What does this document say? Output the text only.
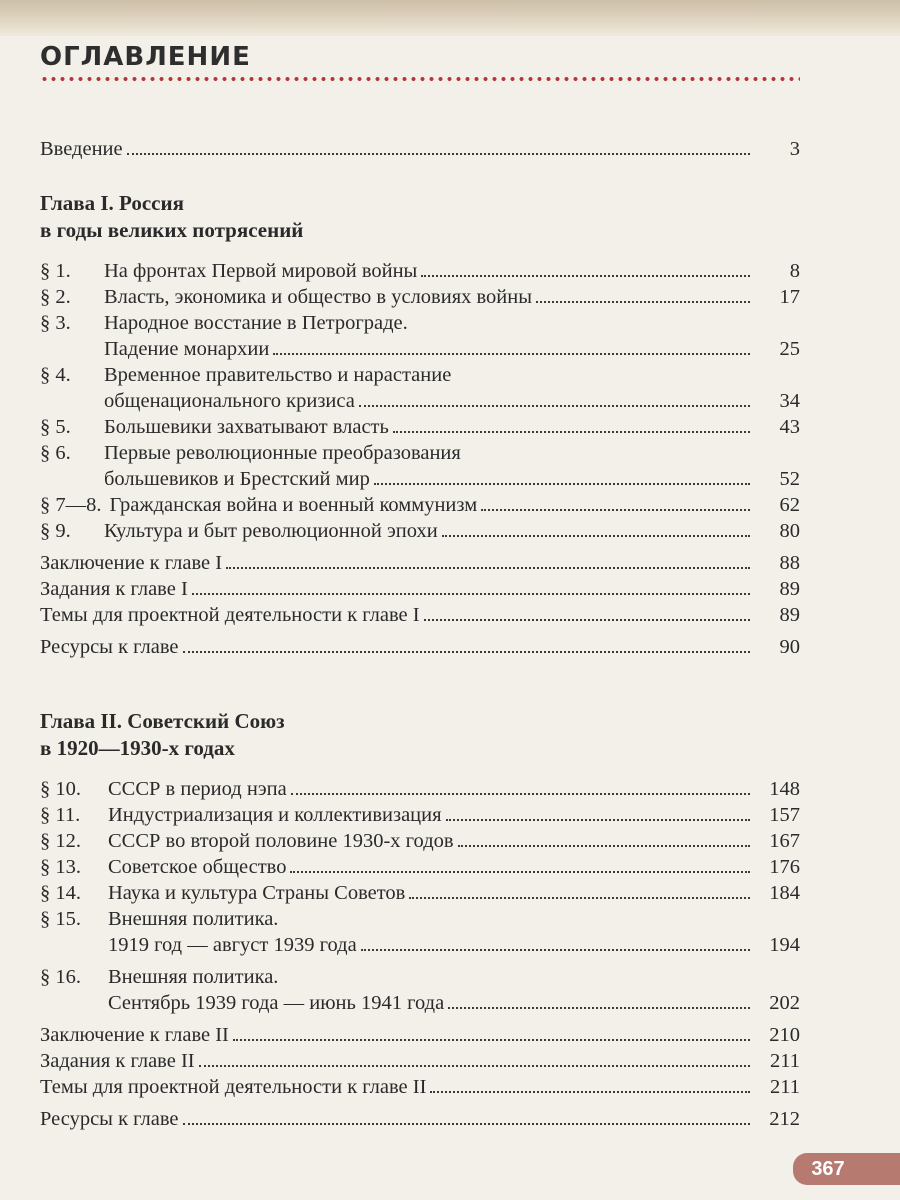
ОГЛАВЛЕНИЕ
Введение	3
Глава I. Россия
в годы великих потрясений
§ 1.	На фронтах Первой мировой войны	8
§ 2.	Власть, экономика и общество в условиях войны	17
§ 3.	Народное восстание в Петрограде.
Падение монархии	25
§ 4.	Временное правительство и нарастание
общенационального кризиса	34
§ 5.	Большевики захватывают власть	43
§ 6.	Первые революционные преобразования
большевиков и Брестский мир	52
§ 7—8. Гражданская война и военный коммунизм	62
§ 9.	Культура и быт революционной эпохи	80
Заключение к главе I	88
Задания к главе I	89
Темы для проектной деятельности к главе I	89
Ресурсы к главе	90
Глава II. Советский Союз
в 1920—1930-х годах
§ 10.	СССР в период нэпа	148
§ 11.	Индустриализация и коллективизация	157
§ 12.	СССР во второй половине 1930-х годов	167
§ 13.	Советское общество	176
§ 14.	Наука и культура Страны Советов	184
§ 15.	Внешняя политика.
1919 год — август 1939 года	194
§ 16.	Внешняя политика.
Сентябрь 1939 года — июнь 1941 года	202
Заключение к главе II	210
Задания к главе II	211
Темы для проектной деятельности к главе II	211
Ресурсы к главе	212
367
